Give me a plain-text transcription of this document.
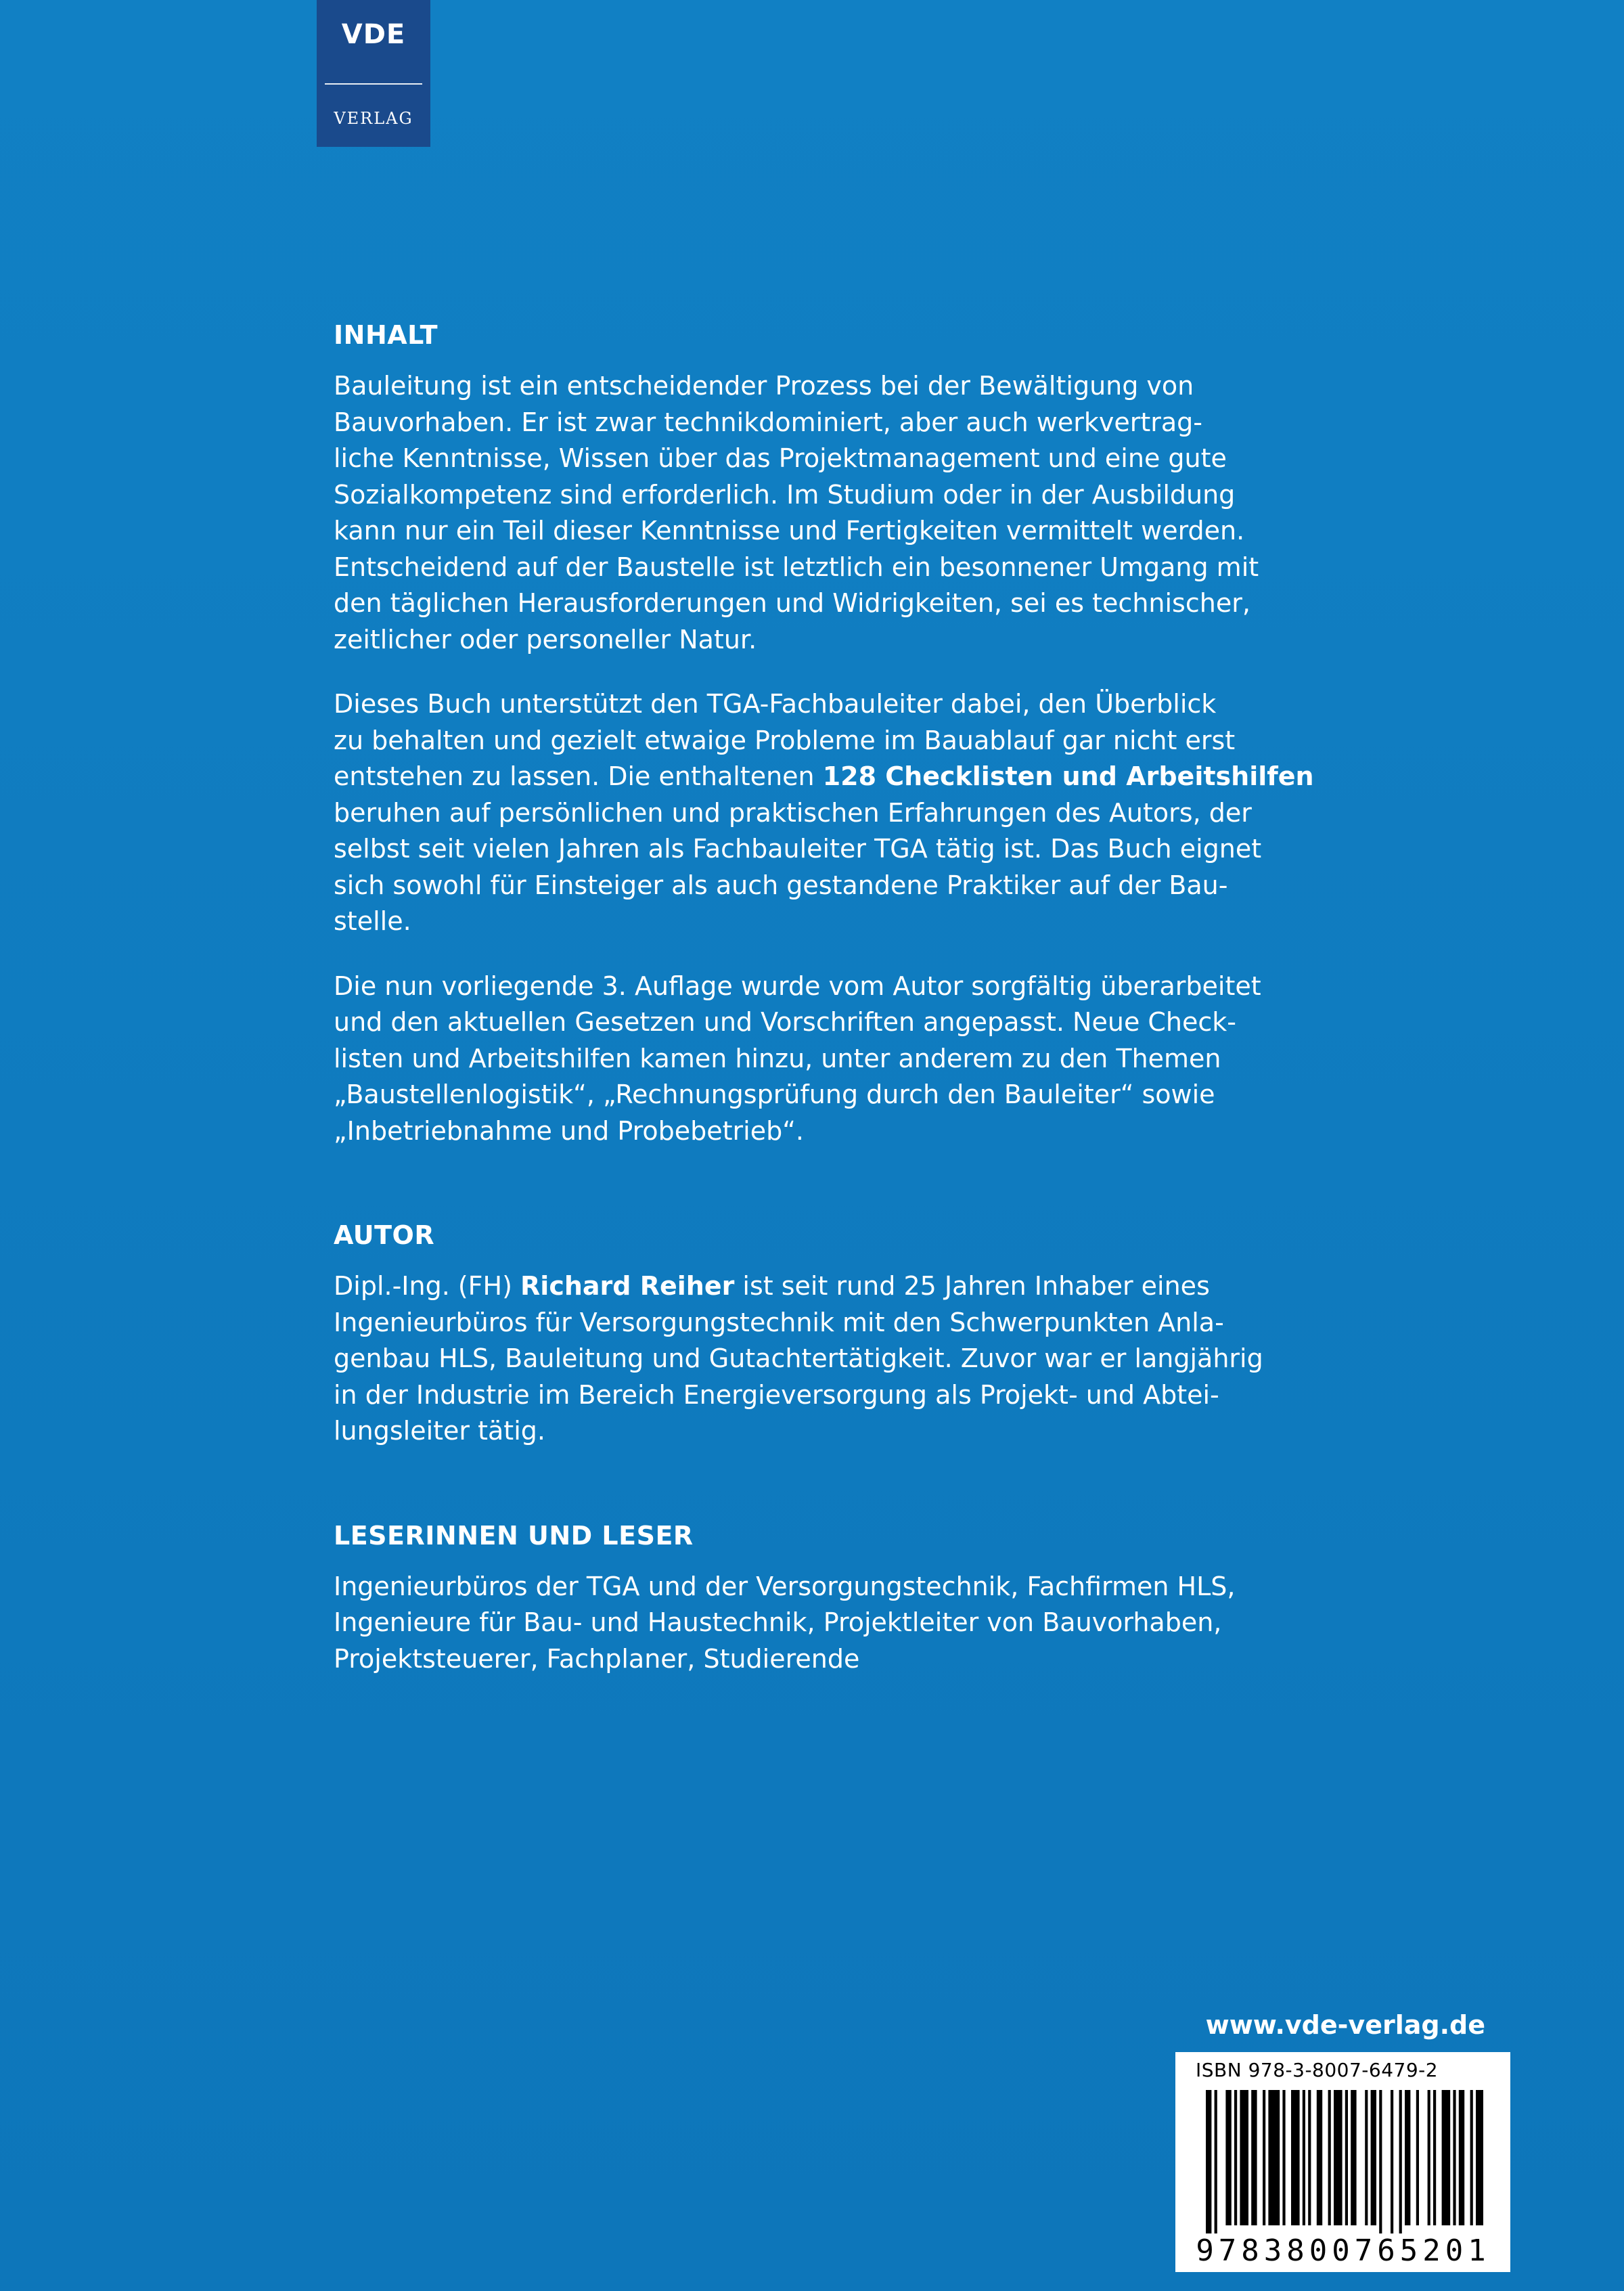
VDE
VERLAG
INHALT
Bauleitung ist ein entscheidender Prozess bei der Bewältigung von
Bauvorhaben. Er ist zwar technikdominiert, aber auch werkvertrag-
liche Kenntnisse, Wissen über das Projektmanagement und eine gute
Sozialkompetenz sind erforderlich. Im Studium oder in der Ausbildung
kann nur ein Teil dieser Kenntnisse und Fertigkeiten vermittelt werden.
Entscheidend auf der Baustelle ist letztlich ein besonnener Umgang mit
den täglichen Herausforderungen und Widrigkeiten, sei es technischer,
zeitlicher oder personeller Natur.
Dieses Buch unterstützt den TGA-Fachbauleiter dabei, den Überblick
zu behalten und gezielt etwaige Probleme im Bauablauf gar nicht erst
entstehen zu lassen. Die enthaltenen 128 Checklisten und Arbeitshilfen
beruhen auf persönlichen und praktischen Erfahrungen des Autors, der
selbst seit vielen Jahren als Fachbauleiter TGA tätig ist. Das Buch eignet
sich sowohl für Einsteiger als auch gestandene Praktiker auf der Bau-
stelle.
Die nun vorliegende 3. Auflage wurde vom Autor sorgfältig überarbeitet
und den aktuellen Gesetzen und Vorschriften angepasst. Neue Check-
listen und Arbeitshilfen kamen hinzu, unter anderem zu den Themen
„Baustellenlogistik“, „Rechnungsprüfung durch den Bauleiter“ sowie
„Inbetriebnahme und Probebetrieb“.
AUTOR
Dipl.-Ing. (FH) Richard Reiher ist seit rund 25 Jahren Inhaber eines
Ingenieurbüros für Versorgungstechnik mit den Schwerpunkten Anla-
genbau HLS, Bauleitung und Gutachtertätigkeit. Zuvor war er langjährig
in der Industrie im Bereich Energieversorgung als Projekt- und Abtei-
lungsleiter tätig.
LESERINNEN UND LESER
Ingenieurbüros der TGA und der Versorgungstechnik, Fachfirmen HLS,
Ingenieure für Bau- und Haustechnik, Projektleiter von Bauvorhaben,
Projektsteuerer, Fachplaner, Studierende
www.vde-verlag.de
ISBN 978-3-8007-6479-2
9783800765201
